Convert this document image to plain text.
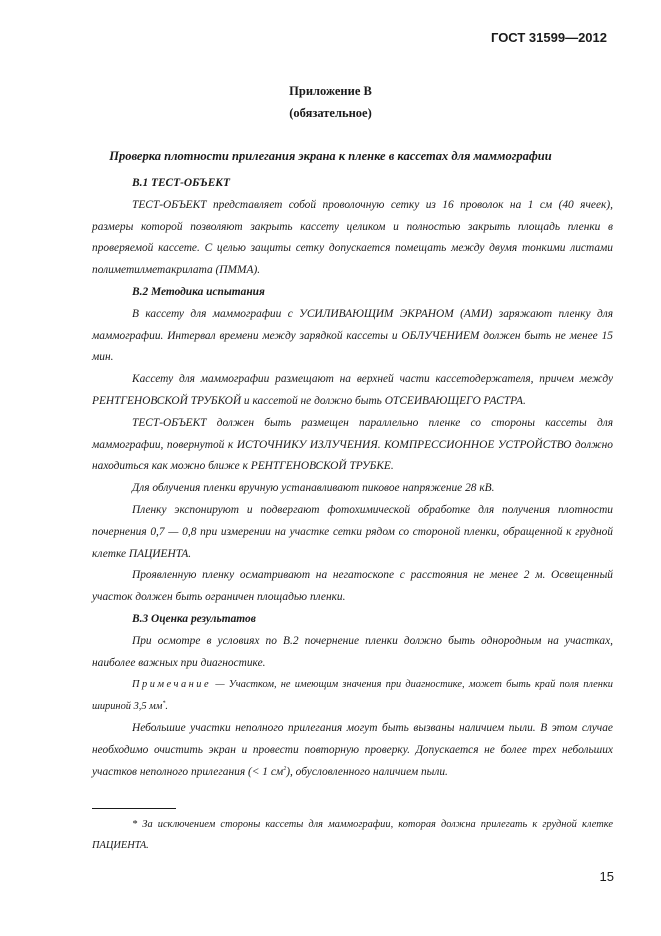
ГОСТ 31599—2012
Приложение В
(обязательное)
Проверка плотности прилегания экрана к пленке в кассетах для маммографии

В.1 ТЕСТ-ОБЪЕКТ

ТЕСТ-ОБЪЕКТ представляет собой проволочную сетку из 16 проволок на 1 см (40 ячеек), размеры которой позволяют закрыть кассету целиком и полностью закрыть площадь пленки в проверяемой кассете. С целью защиты сетку допускается помещать между двумя тонкими листами полиметилметакрилата (ПММА).

В.2 Методика испытания

В кассету для маммографии с УСИЛИВАЮЩИМ ЭКРАНОМ (АМИ) заряжают пленку для маммографии. Интервал времени между зарядкой кассеты и ОБЛУЧЕНИЕМ должен быть не менее 15 мин.

Кассету для маммографии размещают на верхней части кассетодержателя, причем между РЕНТГЕНОВСКОЙ ТРУБКОЙ и кассетой не должно быть ОТСЕИВАЮЩЕГО РАСТРА.

ТЕСТ-ОБЪЕКТ должен быть размещен параллельно пленке со стороны кассеты для маммографии, повернутой к ИСТОЧНИКУ ИЗЛУЧЕНИЯ. КОМПРЕССИОННОЕ УСТРОЙСТВО должно находиться как можно ближе к РЕНТГЕНОВСКОЙ ТРУБКЕ.

Для облучения пленки вручную устанавливают пиковое напряжение 28 кВ.

Пленку экспонируют и подвергают фотохимической обработке для получения плотности почернения 0,7 — 0,8 при измерении на участке сетки рядом со стороной пленки, обращенной к грудной клетке ПАЦИЕНТА.

Проявленную пленку осматривают на негатоскопе с расстояния не менее 2 м. Освещенный участок должен быть ограничен площадью пленки.

В.3 Оценка результатов

При осмотре в условиях по В.2 почернение пленки должно быть однородным на участках, наиболее важных при диагностике.

Примечание — Участком, не имеющим значения при диагностике, может быть край поля пленки шириной 3,5 мм*.

Небольшие участки неполного прилегания могут быть вызваны наличием пыли. В этом случае необходимо очистить экран и провести повторную проверку. Допускается не более трех небольших участков неполного прилегания (< 1 $см^2$), обусловленного наличием пыли.

* За исключением стороны кассеты для маммографии, которая должна прилегать к грудной клетке ПАЦИЕНТА.
15
